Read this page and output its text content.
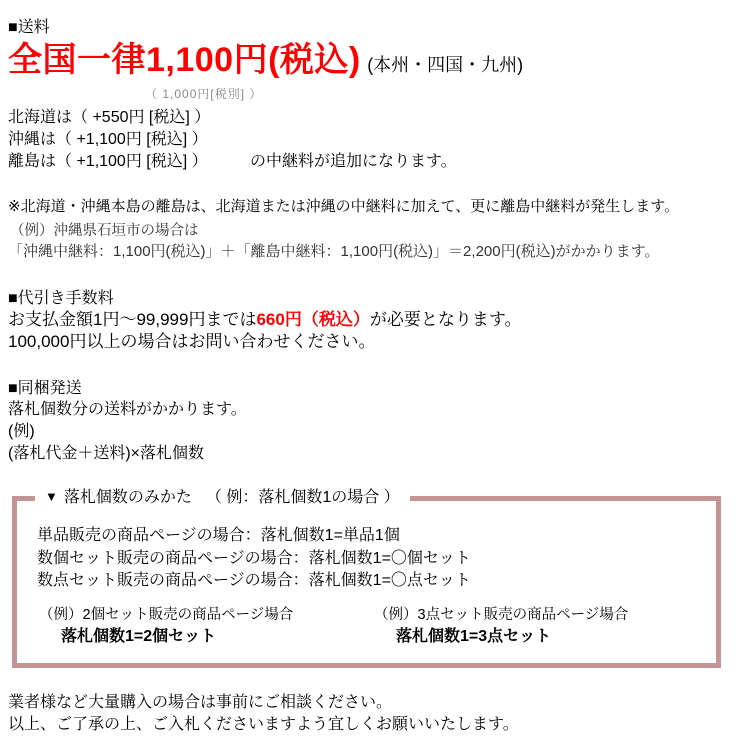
■送料
全国一律1,100円(税込) (本州・四国・九州)
（ 1,000円[税別] ）
北海道は（ +550円 [税込] ）
沖縄は（ +1,100円 [税込] ）
離島は（ +1,100円 [税込] ）	の中継料が追加になります。
※北海道・沖縄本島の離島は、北海道または沖縄の中継料に加えて、更に離島中継料が発生します。
（例）沖縄県石垣市の場合は
「沖縄中継料：1,100円(税込)」＋「離島中継料：1,100円(税込)」＝2,200円(税込)がかかります。
■代引き手数料
お支払金額1円～99,999円までは660円（税込）が必要となります。
100,000円以上の場合はお問い合わせください。
■同梱発送
落札個数分の送料がかかります。
(例)
(落札代金＋送料)×落札個数
▼ 落札個数のみかた （ 例：落札個数1の場合 ）
単品販売の商品ページの場合：落札個数1=単品1個
数個セット販売の商品ページの場合：落札個数1=〇個セット
数点セット販売の商品ページの場合：落札個数1=〇点セット
（例）2個セット販売の商品ページ場合
落札個数1=2個セット
（例）3点セット販売の商品ページ場合
落札個数1=3点セット
業者様など大量購入の場合は事前にご相談ください。
以上、ご了承の上、ご入札くださいますよう宜しくお願いいたします。
